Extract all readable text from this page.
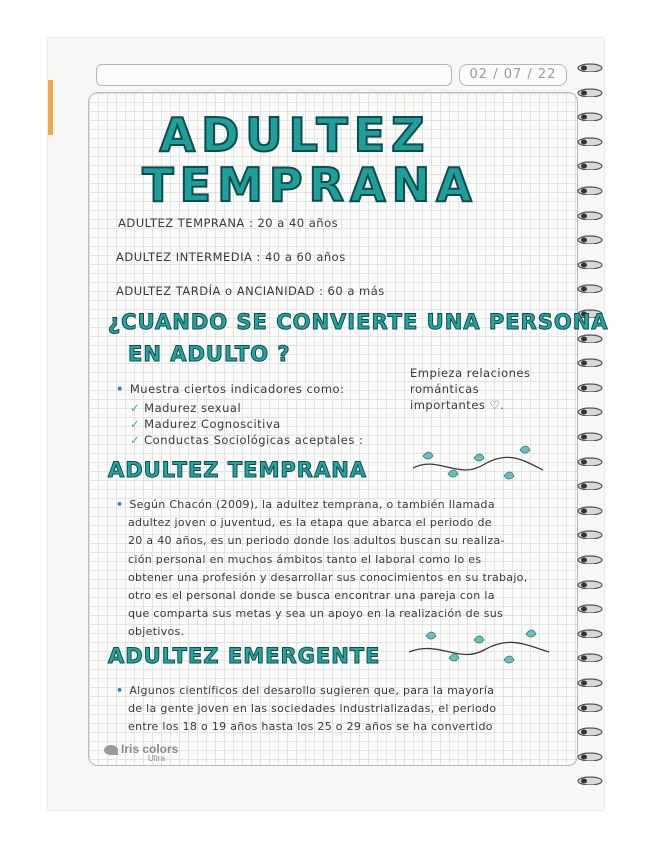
02 / 07 / 22
ADULTEZ
TEMPRANA
ADULTEZ TEMPRANA : 20 a 40 años
ADULTEZ INTERMEDIA : 40 a 60 años
ADULTEZ TARDÍA o ANCIANIDAD : 60 a más
¿CUANDO SE CONVIERTE UNA PERSONA
EN ADULTO ?
• Muestra ciertos indicadores como:
✓ Madurez sexual
✓ Madurez Cognoscitiva
✓ Conductas Sociológicas aceptales :
Empieza relaciones
románticas
importantes ♡.
ADULTEZ TEMPRANA
• Según Chacón (2009), la adultez temprana, o también llamada
adultez joven o juventud, es la etapa que abarca el periodo de
20 a 40 años, es un periodo donde los adultos buscan su realiza-
ción personal en muchos ámbitos tanto el laboral como lo es
obtener una profesión y desarrollar sus conocimientos en su trabajo,
otro es el personal donde se busca encontrar una pareja con la
que comparta sus metas y sea un apoyo en la realización de sus
objetivos.
ADULTEZ EMERGENTE
• Algunos científicos del desarollo sugieren que, para la mayoría
de la gente joven en las sociedades industrializadas, el periodo
entre los 18 o 19 años hasta los 25 o 29 años se ha convertido
Iris colors
Ultra
